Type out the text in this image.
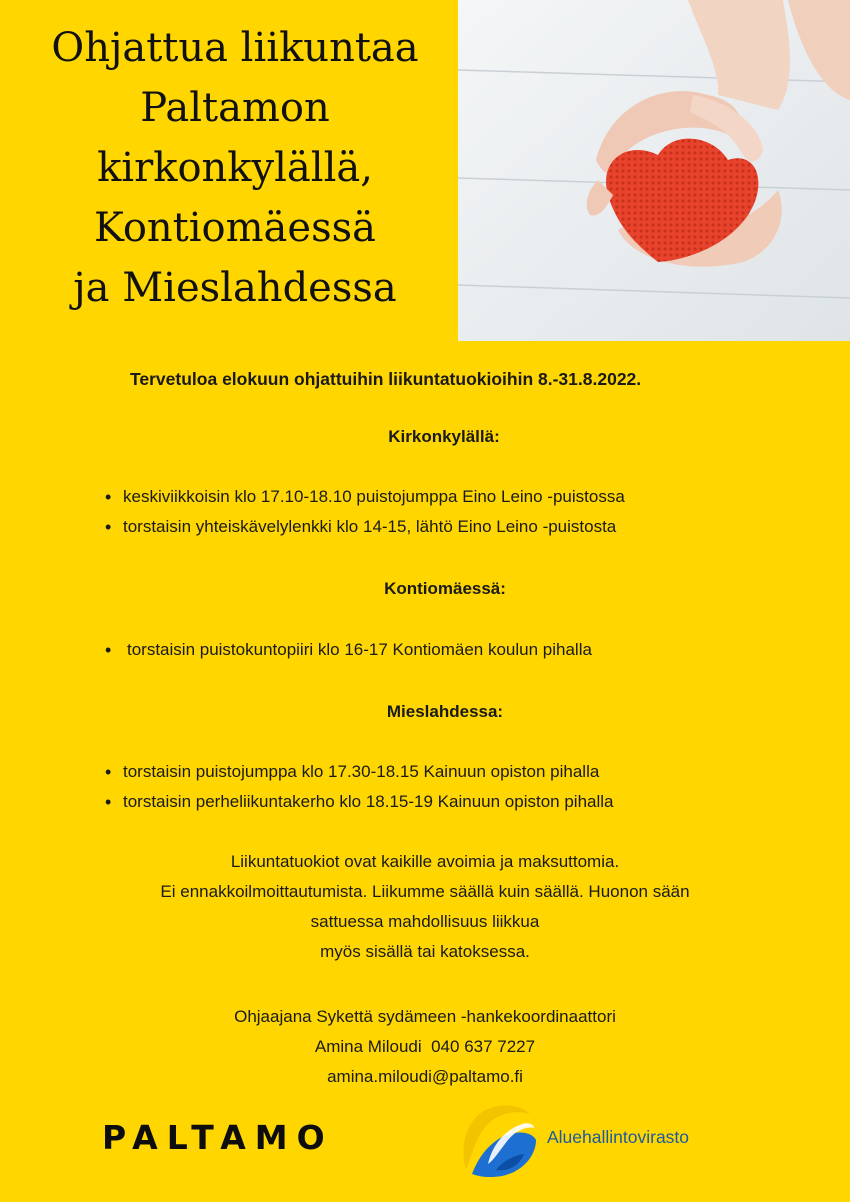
Ohjattua liikuntaa
Paltamon
kirkonkylällä,
Kontiomäessä
ja Mieslahdessa
Tervetuloa elokuun ohjattuihin liikuntatuokioihin 8.-31.8.2022.
Kirkonkylällä:
• keskiviikkoisin klo 17.10-18.10 puistojumppa Eino Leino -puistossa
• torstaisin yhteiskävelylenkki klo 14-15, lähtö Eino Leino -puistosta
Kontiomäessä:
• torstaisin puistokuntopiiri klo 16-17 Kontiomäen koulun pihalla
Mieslahdessa:
• torstaisin puistojumppa klo 17.30-18.15 Kainuun opiston pihalla
• torstaisin perheliikuntakerho klo 18.15-19 Kainuun opiston pihalla
Liikuntatuokiot ovat kaikille avoimia ja maksuttomia.
Ei ennakkoilmoittautumista. Liikumme säällä kuin säällä. Huonon sään
sattuessa mahdollisuus liikkua
myös sisällä tai katoksessa.
Ohjaajana Sykettä sydämeen -hankekoordinaattori
Amina Miloudi  040 637 7227
amina.miloudi@paltamo.fi
PALTAMO	Aluehallintovirasto
